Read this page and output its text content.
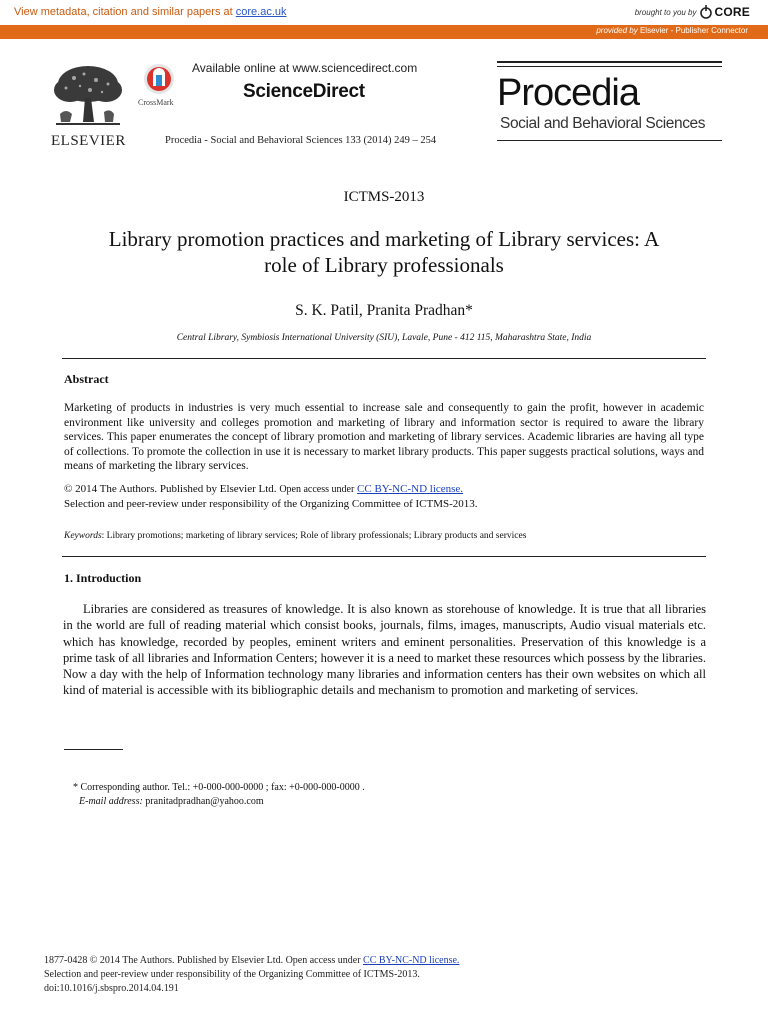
View metadata, citation and similar papers at core.ac.uk	brought to you by CORE
provided by Elsevier - Publisher Connector
ELSEVIER
CrossMark
Available online at www.sciencedirect.com
ScienceDirect
Procedia - Social and Behavioral Sciences 133 (2014) 249 – 254
Procedia
Social and Behavioral Sciences
ICTMS-2013
Library promotion practices and marketing of Library services: A
role of Library professionals
S. K. Patil, Pranita Pradhan*
Central Library, Symbiosis International University (SIU), Lavale, Pune - 412 115, Maharashtra State, India
Abstract
Marketing of products in industries is very much essential to increase sale and consequently to gain the profit, however in academic environment like university and colleges promotion and marketing of library and information sector is required to aware the library services. This paper enumerates the concept of library promotion and marketing of library services. Academic libraries are having all type of collections. To promote the collection in use it is necessary to market library products. This paper suggests practical solutions, ways and means of marketing the library services.
© 2014 The Authors. Published by Elsevier Ltd. Open access under CC BY-NC-ND license.
Selection and peer-review under responsibility of the Organizing Committee of ICTMS-2013.
Keywords: Library promotions; marketing of library services; Role of library professionals; Library products and services
1. Introduction
Libraries are considered as treasures of knowledge. It is also known as storehouse of knowledge. It is true that all libraries in the world are full of reading material which consist books, journals, films, images, manuscripts, Audio visual materials etc. which has knowledge, recorded by peoples, eminent writers and eminent personalities. Preservation of this knowledge is a prime task of all libraries and Information Centers; however it is a need to market these resources which possess by the libraries. Now a day with the help of Information technology many libraries and information centers has their own websites on which all kind of material is accessible with its bibliographic details and mechanism to promotion and marketing of services.
* Corresponding author. Tel.: +0-000-000-0000 ; fax: +0-000-000-0000 .
E-mail address: pranitadpradhan@yahoo.com
1877-0428 © 2014 The Authors. Published by Elsevier Ltd. Open access under CC BY-NC-ND license.
Selection and peer-review under responsibility of the Organizing Committee of ICTMS-2013.
doi:10.1016/j.sbspro.2014.04.191
